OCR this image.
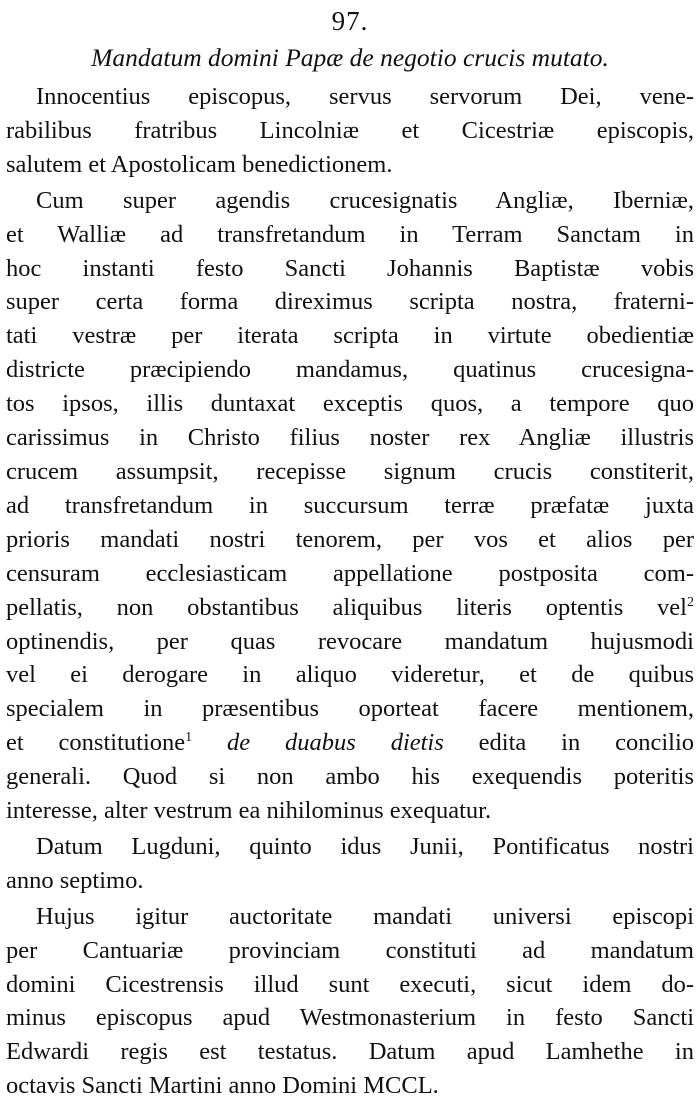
97.
Mandatum domini Papæ de negotio crucis mutato.
Innocentius episcopus, servus servorum Dei, vene-
rabilibus fratribus Lincolniæ et Cicestriæ episcopis,
salutem et Apostolicam benedictionem.
Cum super agendis crucesignatis Angliæ, Iberniæ,
et Walliæ ad transfretandum in Terram Sanctam in
hoc instanti festo Sancti Johannis Baptistæ vobis
super certa forma direximus scripta nostra, fraterni-
tati vestræ per iterata scripta in virtute obedientiæ
districte præcipiendo mandamus, quatinus crucesigna-
tos ipsos, illis duntaxat exceptis quos, a tempore quo
carissimus in Christo filius noster rex Angliæ illustris
crucem assumpsit, recepisse signum crucis constiterit,
ad transfretandum in succursum terræ præfatæ juxta
prioris mandati nostri tenorem, per vos et alios per
censuram ecclesiasticam appellatione postposita com-
pellatis, non obstantibus aliquibus literis optentis vel$^2$
optinendis, per quas revocare mandatum hujusmodi
vel ei derogare in aliquo videretur, et de quibus
specialem in præsentibus oporteat facere mentionem,
et constitutione$^1$ de duabus dietis edita in concilio
generali. Quod si non ambo his exequendis poteritis
interesse, alter vestrum ea nihilominus exequatur.
Datum Lugduni, quinto idus Junii, Pontificatus nostri
anno septimo.
Hujus igitur auctoritate mandati universi episcopi
per Cantuariæ provinciam constituti ad mandatum
domini Cicestrensis illud sunt executi, sicut idem do-
minus episcopus apud Westmonasterium in festo Sancti
Edwardi regis est testatus. Datum apud Lamhethe in
octavis Sancti Martini anno Domini MCCL.
